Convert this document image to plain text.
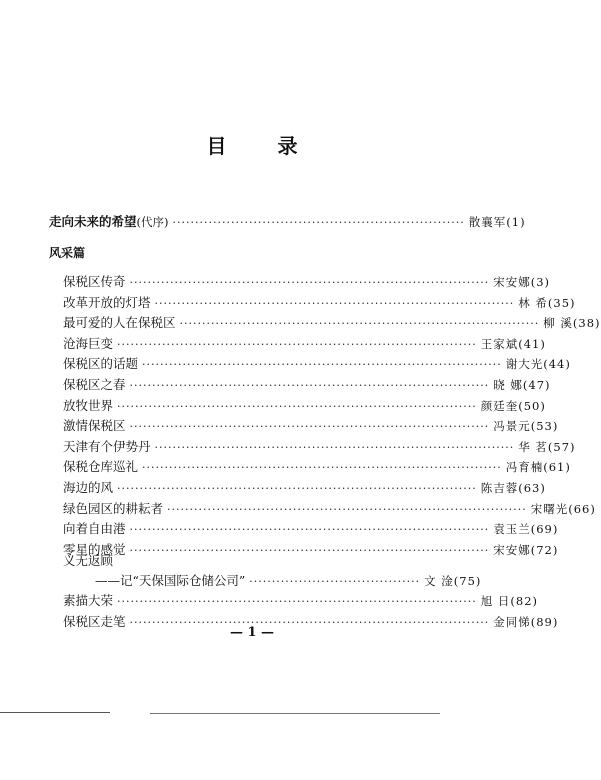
目 录
走向未来的希望(代序) ································································· 散襄军(1)
风采篇
保税区传奇 ················································································ 宋安娜(3)
改革开放的灯塔 ················································································ 林 希(35)
最可爱的人在保税区 ················································································ 柳 溪(38)
沧海巨变 ················································································ 王家斌(41)
保税区的话题 ················································································ 谢大光(44)
保税区之春 ················································································ 晓 娜(47)
放牧世界 ················································································ 颜廷奎(50)
激情保税区 ················································································ 冯景元(53)
天津有个伊势丹 ················································································ 华 茗(57)
保税仓库巡礼 ················································································ 冯育楠(61)
海边的风 ················································································ 陈吉蓉(63)
绿色园区的耕耘者 ················································································ 宋曙光(66)
向着自由港 ················································································ 袁玉兰(69)
零星的感觉 ················································································ 宋安娜(72)
义无返顾
——记“天保国际仓储公司” ······································ 文 淦(75)
素描大荣 ················································································ 旭 日(82)
保税区走笔 ················································································ 金同悌(89)
— 1 —
